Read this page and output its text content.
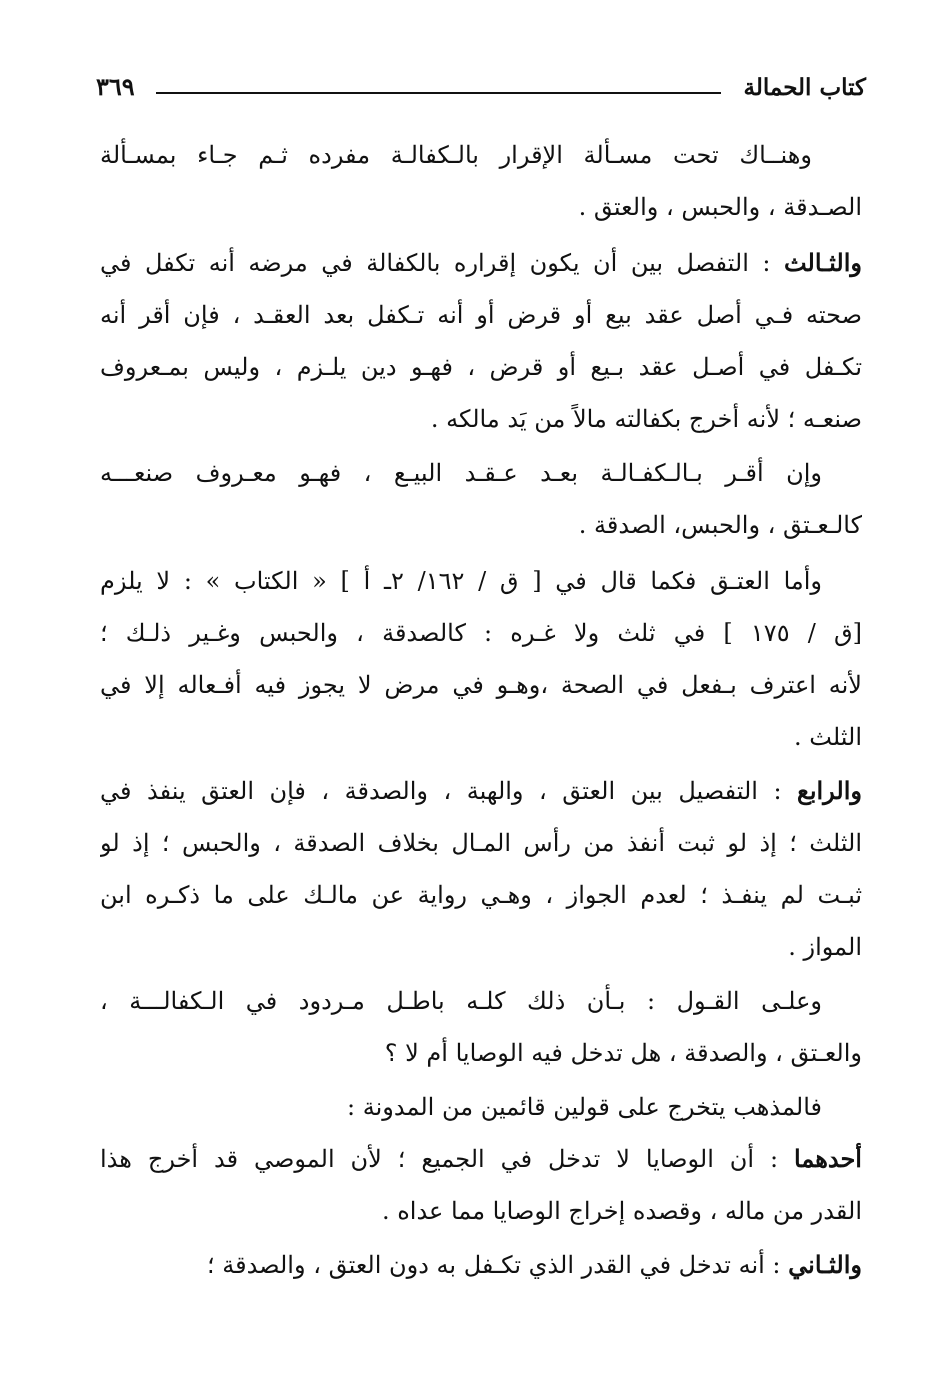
كتاب الحمالة
٣٦٩
وهنــاك تحت مسـألة الإقرار بالـكفالـة مفرده ثـم جـاء بمسـألة
الصـدقة ، والحبس ، والعتق .
والثـالث : التفصل بين أن يكون إقراره بالكفالة في مرضه أنه تكفل في
صحته فـي أصل عقد بيع أو قرض أو أنه تـكفل بعد العقـد ، فإن أقر أنه
تكـفل في أصـل عقد بـيع أو قرض ، فهـو دين يلـزم ، وليس بمـعروف
صنعـه ؛ لأنه أخرج بكفالته مالاً من يَد مالكه .
وإن أقـر بـالـكفـالـة بعـد عـقـد البيـع ، فهـو معـروف صنعـــه
كالـعـتق ، والحبس، الصدقة .
وأما العتـق فكما قال في [ ق / ١٦٢/ ٢ـ أ ] « الكتاب » : لا يلزم
[ق / ١٧٥ ] في ثلث ولا غـره : كالصدقة ، والحبس وغـير ذلـك ؛
لأنه اعترف بـفعل في الصحة ،وهـو في مرض لا يجوز فيه أفـعاله إلا في
الثلث .
والرابع : التفصيل بين العتق ، والهبة ، والصدقة ، فإن العتق ينفذ في
الثلث ؛ إذ لو ثبت أنفذ من رأس المـال بخلاف الصدقة ، والحبس ؛ إذ لو
ثبـت لم ينفـذ ؛ لعدم الجواز ، وهـي رواية عن مالـك على ما ذكـره ابن
المواز .
وعلـى القـول : بـأن ذلك كلـه باطـل مـردود في الـكفالـــة ،
والعـتق ، والصدقة ، هل تدخل فيه الوصايا أم لا ؟
فالمذهب يتخرج على قولين قائمين من المدونة :
أحدهما : أن الوصايا لا تدخل في الجميع ؛ لأن الموصي قد أخرج هذا
القدر من ماله ، وقصده إخراج الوصايا مما عداه .
والثـاني : أنه تدخل في القدر الذي تكـفل به دون العتق ، والصدقة ؛
